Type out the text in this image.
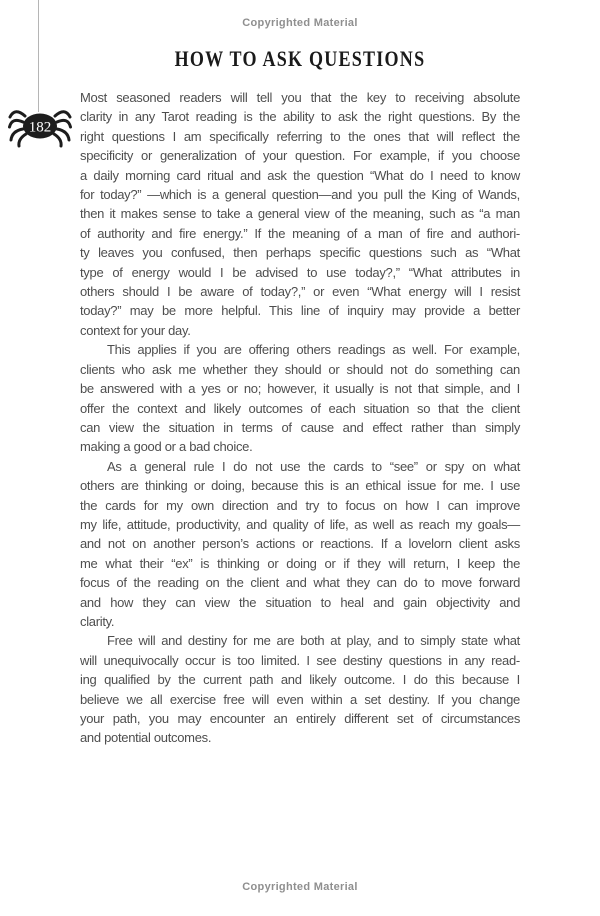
Copyrighted Material
HOW TO ASK QUESTIONS
182
Most seasoned readers will tell you that the key to receiving absolute
clarity in any Tarot reading is the ability to ask the right questions. By the
right questions I am specifically referring to the ones that will reflect the
specificity or generalization of your question. For example, if you choose
a daily morning card ritual and ask the question “What do I need to know
for today?” —which is a general question—and you pull the King of Wands,
then it makes sense to take a general view of the meaning, such as “a man
of authority and fire energy.” If the meaning of a man of fire and authori-
ty leaves you confused, then perhaps specific questions such as “What
type of energy would I be advised to use today?,” “What attributes in
others should I be aware of today?,” or even “What energy will I resist
today?” may be more helpful. This line of inquiry may provide a better
context for your day.
This applies if you are offering others readings as well. For example,
clients who ask me whether they should or should not do something can
be answered with a yes or no; however, it usually is not that simple, and I
offer the context and likely outcomes of each situation so that the client
can view the situation in terms of cause and effect rather than simply
making a good or a bad choice.
As a general rule I do not use the cards to “see” or spy on what
others are thinking or doing, because this is an ethical issue for me. I use
the cards for my own direction and try to focus on how I can improve
my life, attitude, productivity, and quality of life, as well as reach my goals—
and not on another person’s actions or reactions. If a lovelorn client asks
me what their “ex” is thinking or doing or if they will return, I keep the
focus of the reading on the client and what they can do to move forward
and how they can view the situation to heal and gain objectivity and
clarity.
Free will and destiny for me are both at play, and to simply state what
will unequivocally occur is too limited. I see destiny questions in any read-
ing qualified by the current path and likely outcome. I do this because I
believe we all exercise free will even within a set destiny. If you change
your path, you may encounter an entirely different set of circumstances
and potential outcomes.
Copyrighted Material
